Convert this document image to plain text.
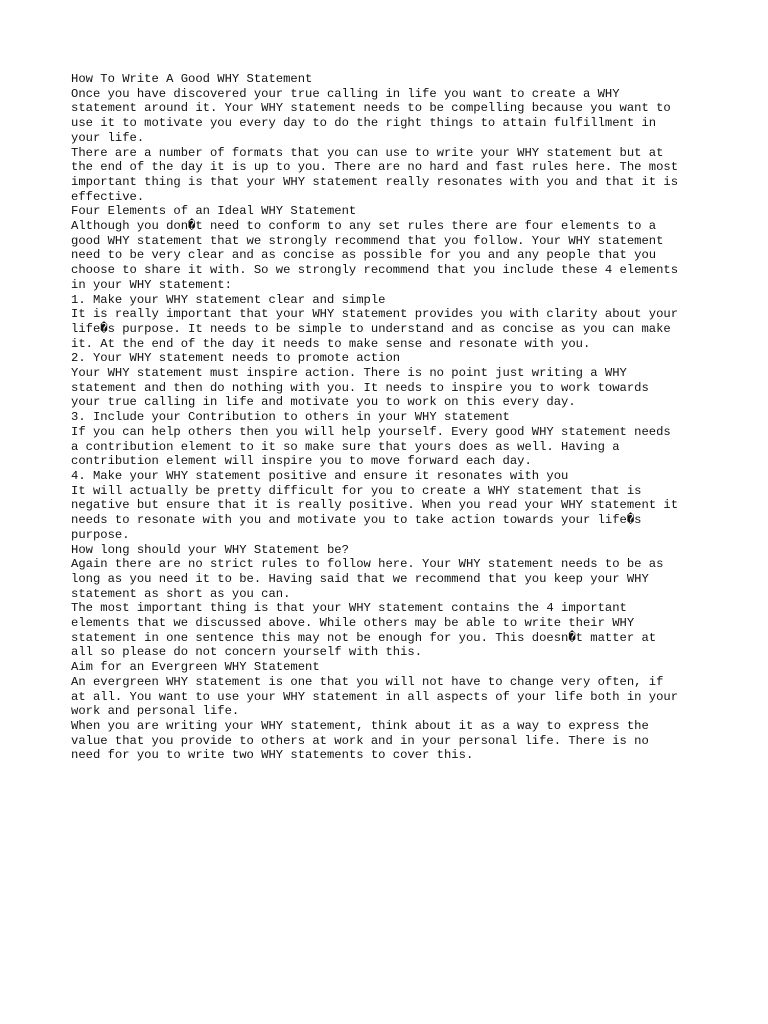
How To Write A Good WHY Statement
Once you have discovered your true calling in life you want to create a WHY
statement around it. Your WHY statement needs to be compelling because you want to
use it to motivate you every day to do the right things to attain fulfillment in
your life.
There are a number of formats that you can use to write your WHY statement but at
the end of the day it is up to you. There are no hard and fast rules here. The most
important thing is that your WHY statement really resonates with you and that it is
effective.
Four Elements of an Ideal WHY Statement
Although you don�t need to conform to any set rules there are four elements to a
good WHY statement that we strongly recommend that you follow. Your WHY statement
need to be very clear and as concise as possible for you and any people that you
choose to share it with. So we strongly recommend that you include these 4 elements
in your WHY statement:
1. Make your WHY statement clear and simple
It is really important that your WHY statement provides you with clarity about your
life�s purpose. It needs to be simple to understand and as concise as you can make
it. At the end of the day it needs to make sense and resonate with you.
2. Your WHY statement needs to promote action
Your WHY statement must inspire action. There is no point just writing a WHY
statement and then do nothing with you. It needs to inspire you to work towards
your true calling in life and motivate you to work on this every day.
3. Include your Contribution to others in your WHY statement
If you can help others then you will help yourself. Every good WHY statement needs
a contribution element to it so make sure that yours does as well. Having a
contribution element will inspire you to move forward each day.
4. Make your WHY statement positive and ensure it resonates with you
It will actually be pretty difficult for you to create a WHY statement that is
negative but ensure that it is really positive. When you read your WHY statement it
needs to resonate with you and motivate you to take action towards your life�s
purpose.
How long should your WHY Statement be?
Again there are no strict rules to follow here. Your WHY statement needs to be as
long as you need it to be. Having said that we recommend that you keep your WHY
statement as short as you can.
The most important thing is that your WHY statement contains the 4 important
elements that we discussed above. While others may be able to write their WHY
statement in one sentence this may not be enough for you. This doesn�t matter at
all so please do not concern yourself with this.
Aim for an Evergreen WHY Statement
An evergreen WHY statement is one that you will not have to change very often, if
at all. You want to use your WHY statement in all aspects of your life both in your
work and personal life.
When you are writing your WHY statement, think about it as a way to express the
value that you provide to others at work and in your personal life. There is no
need for you to write two WHY statements to cover this.
